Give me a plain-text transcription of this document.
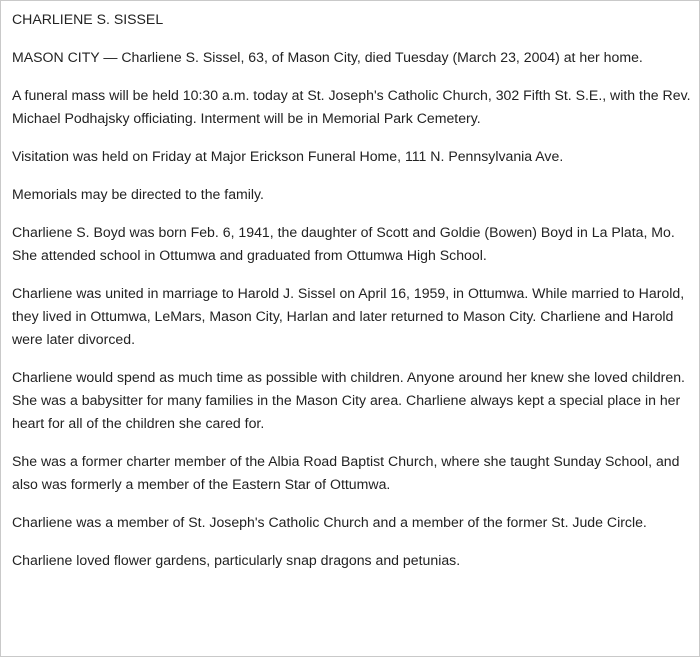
CHARLIENE S. SISSEL

MASON CITY — Charliene S. Sissel, 63, of Mason City, died Tuesday (March 23, 2004) at her home.

A funeral mass will be held 10:30 a.m. today at St. Joseph's Catholic Church, 302 Fifth St. S.E., with the Rev. Michael Podhajsky officiating. Interment will be in Memorial Park Cemetery.

Visitation was held on Friday at Major Erickson Funeral Home, 111 N. Pennsylvania Ave.

Memorials may be directed to the family.

Charliene S. Boyd was born Feb. 6, 1941, the daughter of Scott and Goldie (Bowen) Boyd in La Plata, Mo. She attended school in Ottumwa and graduated from Ottumwa High School.

Charliene was united in marriage to Harold J. Sissel on April 16, 1959, in Ottumwa. While married to Harold, they lived in Ottumwa, LeMars, Mason City, Harlan and later returned to Mason City. Charliene and Harold were later divorced.

Charliene would spend as much time as possible with children. Anyone around her knew she loved children. She was a babysitter for many families in the Mason City area. Charliene always kept a special place in her heart for all of the children she cared for.

She was a former charter member of the Albia Road Baptist Church, where she taught Sunday School, and also was formerly a member of the Eastern Star of Ottumwa.

Charliene was a member of St. Joseph's Catholic Church and a member of the former St. Jude Circle.

Charliene loved flower gardens, particularly snap dragons and petunias.
